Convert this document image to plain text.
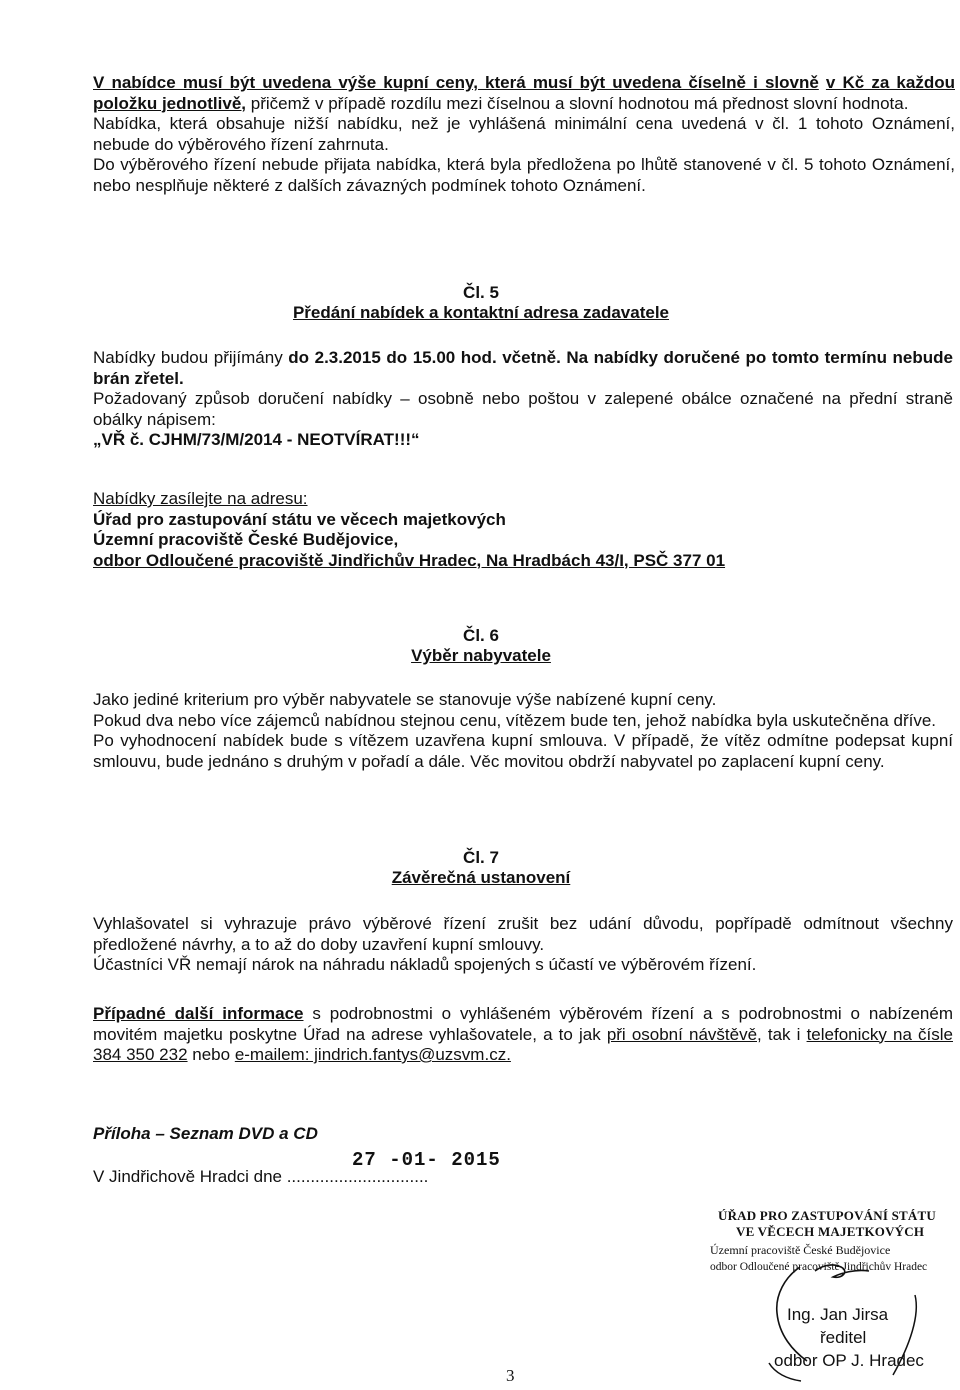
V nabídce musí být uvedena výše kupní ceny, která musí být uvedena číselně i slovně v Kč za každou položku jednotlivě, přičemž v případě rozdílu mezi číselnou a slovní hodnotou má přednost slovní hodnota.

Nabídka, která obsahuje nižší nabídku, než je vyhlášená minimální cena uvedená v čl. 1 tohoto Oznámení, nebude do výběrového řízení zahrnuta.

Do výběrového řízení nebude přijata nabídka, která byla předložena po lhůtě stanovené v čl. 5 tohoto Oznámení, nebo nesplňuje některé z dalších závazných podmínek tohoto Oznámení.

Čl. 5
Předání nabídek a kontaktní adresa zadavatele

Nabídky budou přijímány do 2.3.2015 do 15.00 hod. včetně. Na nabídky doručené po tomto termínu nebude brán zřetel.

Požadovaný způsob doručení nabídky – osobně nebo poštou v zalepené obálce označené na přední straně obálky nápisem:

„VŘ č. CJHM/73/M/2014 - NEOTVÍRAT!!!“

Nabídky zasílejte na adresu:

Úřad pro zastupování státu ve věcech majetkových

Územní pracoviště České Budějovice,

odbor Odloučené pracoviště Jindřichův Hradec, Na Hradbách 43/I, PSČ 377 01

Čl. 6
Výběr nabyvatele

Jako jediné kriterium pro výběr nabyvatele se stanovuje výše nabízené kupní ceny.

Pokud dva nebo více zájemců nabídnou stejnou cenu, vítězem bude ten, jehož nabídka byla uskutečněna dříve.

Po vyhodnocení nabídek bude s vítězem uzavřena kupní smlouva. V případě, že vítěz odmítne podepsat kupní smlouvu, bude jednáno s druhým v pořadí a dále. Věc movitou obdrží nabyvatel po zaplacení kupní ceny.

Čl. 7
Závěrečná ustanovení

Vyhlašovatel si vyhrazuje právo výběrové řízení zrušit bez udání důvodu, popřípadě odmítnout všechny předložené návrhy, a to až do doby uzavření kupní smlouvy.

Účastníci VŘ nemají nárok na náhradu nákladů spojených s účastí ve výběrovém řízení.

Případné další informace s podrobnostmi o vyhlášeném výběrovém řízení a s podrobnostmi o nabízeném movitém majetku poskytne Úřad na adrese vyhlašovatele, a to jak při osobní návštěvě, tak i telefonicky na čísle 384 350 232 nebo e-mailem: jindrich.fantys@uzsvm.cz.

Příloha – Seznam DVD a CD

27 -01- 2015

V Jindřichově Hradci dne ..............................

ÚŘAD PRO ZASTUPOVÁNÍ STÁTU
VE VĚCECH MAJETKOVÝCH
Územní pracoviště České Budějovice
odbor Odloučené pracoviště Jindřichův Hradec
Ing. Jan Jirsa
ředitel
odbor OP J. Hradec
3
